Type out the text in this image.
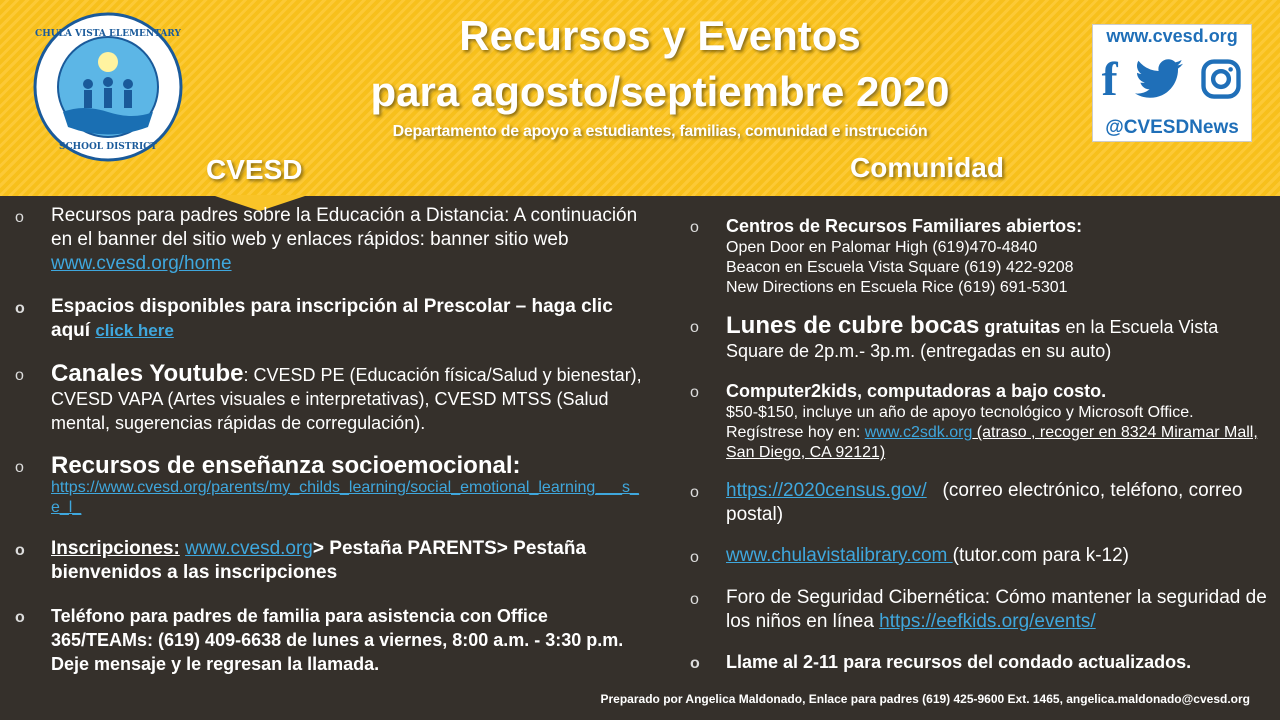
CHULA VISTA ELEMENTARY
SCHOOL DISTRICT
Recursos y Eventos
para agosto/septiembre 2020
Departamento de apoyo a estudiantes, familias, comunidad e instrucción
CVESD	Comunidad
www.cvesd.org
f
@CVESDNews
o	Recursos para padres sobre la Educación a Distancia: A continuación en el banner del sitio web y enlaces rápidos: banner sitio web www.cvesd.org/home
o	Espacios disponibles para inscripción al Prescolar – haga clic aquí click here
o	Canales Youtube: CVESD PE (Educación física/Salud y bienestar), CVESD VAPA (Artes visuales e interpretativas), CVESD MTSS (Salud mental, sugerencias rápidas de corregulación).
o	Recursos de enseñanza socioemocional:
https://www.cvesd.org/parents/my_childs_learning/social_emotional_learning___s_e_l_
o	Inscripciones: www.cvesd.org> Pestaña PARENTS> Pestaña bienvenidos a las inscripciones
o	Teléfono para padres de familia para asistencia con Office 365/TEAMs: (619) 409-6638 de lunes a viernes, 8:00 a.m. - 3:30 p.m. Deje mensaje y le regresan la llamada.
o	Centros de Recursos Familiares abiertos:
Open Door en Palomar High (619)470-4840
Beacon en Escuela Vista Square (619) 422-9208
New Directions en Escuela Rice (619) 691-5301
o	Lunes de cubre bocas gratuitas en la Escuela Vista Square de 2p.m.- 3p.m. (entregadas en su auto)
o	Computer2kids, computadoras a bajo costo.
$50-$150, incluye un año de apoyo tecnológico y Microsoft Office. Regístrese hoy en: www.c2sdk.org (atraso , recoger en 8324 Miramar Mall, San Diego, CA 92121)
o	https://2020census.gov/   (correo electrónico, teléfono, correo postal)
o	www.chulavistalibrary.com (tutor.com para k-12)
o	Foro de Seguridad Cibernética: Cómo mantener la seguridad de los niños en línea https://eefkids.org/events/
o	Llame al 2-11 para recursos del condado actualizados.
Preparado por Angelica Maldonado, Enlace para padres (619) 425-9600 Ext. 1465, angelica.maldonado@cvesd.org
